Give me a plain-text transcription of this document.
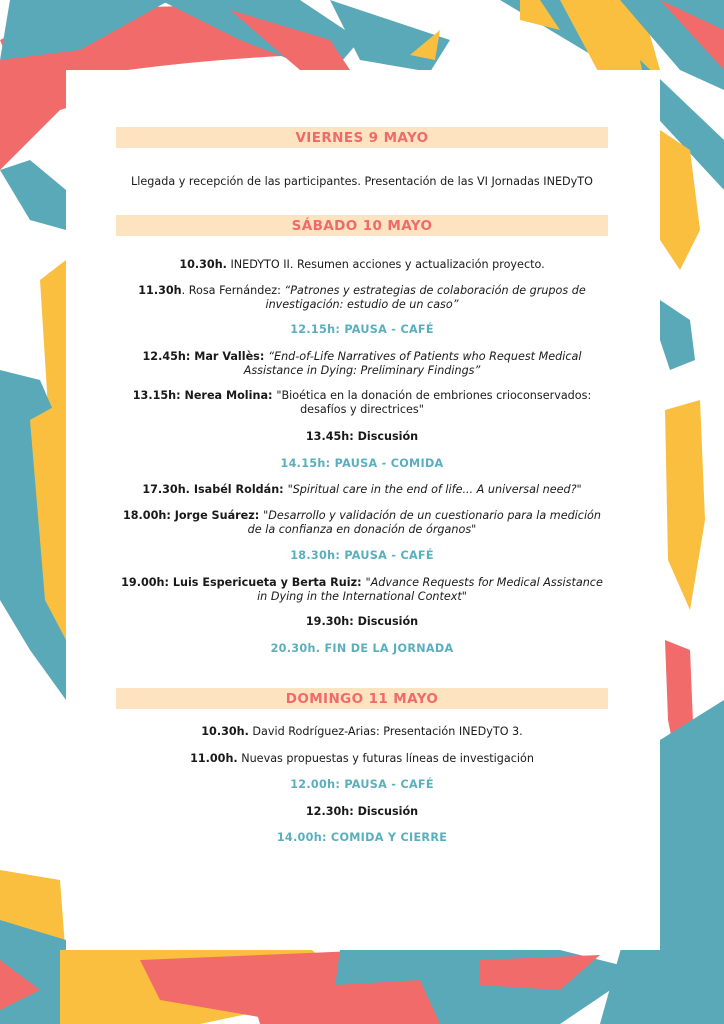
VIERNES 9 MAYO
Llegada y recepción de las participantes. Presentación de las VI Jornadas INEDyTO
SÁBADO 10 MAYO
10.30h. INEDYTO II. Resumen acciones y actualización proyecto.
11.30h. Rosa Fernández: “Patrones y estrategias de colaboración de grupos de investigación: estudio de un caso”
12.15h: PAUSA - CAFÉ
12.45h: Mar Vallès: “End-of-Life Narratives of Patients who Request Medical Assistance in Dying: Preliminary Findings”
13.15h: Nerea Molina: "Bioética en la donación de embriones crioconservados: desafíos y directrices"
13.45h: Discusión
14.15h: PAUSA - COMIDA
17.30h. Isabél Roldán: "Spiritual care in the end of life... A universal need?"
18.00h: Jorge Suárez: "Desarrollo y validación de un cuestionario para la medición de la confianza en donación de órganos"
18.30h: PAUSA - CAFÉ
19.00h: Luis Espericueta y Berta Ruiz: "Advance Requests for Medical Assistance in Dying in the International Context"
19.30h: Discusión
20.30h. FIN DE LA JORNADA
DOMINGO 11 MAYO
10.30h. David Rodríguez-Arias: Presentación INEDyTO 3.
11.00h. Nuevas propuestas y futuras líneas de investigación
12.00h: PAUSA - CAFÉ
12.30h: Discusión
14.00h: COMIDA Y CIERRE
